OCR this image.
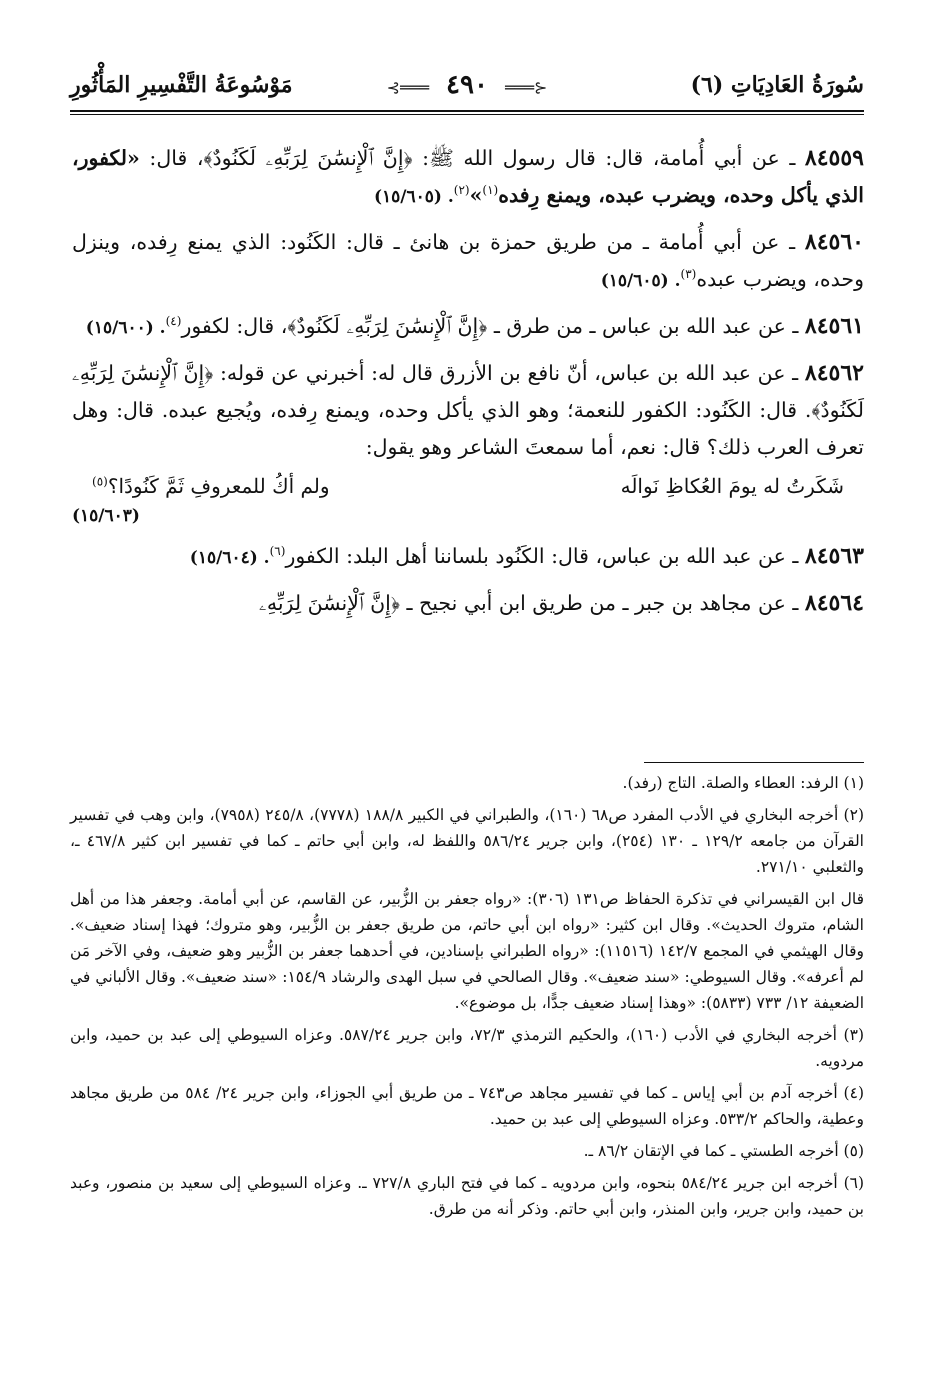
سُورَةُ العَادِيَاتِ (٦)
⊰═══ ٤٩٠ ═══⊱
مَوْسُوعَةُ التَّفْسِيرِ المَأْثُورِ

٨٤٥٥٩ ـ عن أبي أُمامة، قال: قال رسول الله ﷺ: ﴿إِنَّ ٱلْإِنسَٰنَ لِرَبِّهِۦ لَكَنُودٌ﴾، قال: «لكفور، الذي يأكل وحده، ويضرب عبده، ويمنع رِفده$^{(١)}$»$^{(٢)}$. (١٥/٦٠٥)

٨٤٥٦٠ ـ عن أبي أُمامة ـ من طريق حمزة بن هانئ ـ قال: الكَنُود: الذي يمنع رِفده، وينزل وحده، ويضرب عبده$^{(٣)}$. (١٥/٦٠٥)

٨٤٥٦١ ـ عن عبد الله بن عباس ـ من طرق ـ ﴿إِنَّ ٱلْإِنسَٰنَ لِرَبِّهِۦ لَكَنُودٌ﴾، قال: لكفور$^{(٤)}$. (١٥/٦٠٠)

٨٤٥٦٢ ـ عن عبد الله بن عباس، أنّ نافع بن الأزرق قال له: أخبرني عن قوله: ﴿إِنَّ ٱلْإِنسَٰنَ لِرَبِّهِۦ لَكَنُودٌ﴾. قال: الكَنُود: الكفور للنعمة؛ وهو الذي يأكل وحده، ويمنع رِفده، ويُجيع عبده. قال: وهل تعرف العرب ذلك؟ قال: نعم، أما سمعتَ الشاعر وهو يقول:

شَكَرتُ له يومَ العُكاظِ نَوالَه
ولم أكُ للمعروفِ ثَمَّ كَنُودًا؟$^{(٥)}$
(١٥/٦٠٣)

٨٤٥٦٣ ـ عن عبد الله بن عباس، قال: الكَنُود بلساننا أهل البلد: الكفور$^{(٦)}$. (١٥/٦٠٤)

٨٤٥٦٤ ـ عن مجاهد بن جبر ـ من طريق ابن أبي نجيح ـ ﴿إِنَّ ٱلْإِنسَٰنَ لِرَبِّهِۦ

(١) الرفد: العطاء والصلة. التاج (رفد).

(٢) أخرجه البخاري في الأدب المفرد ص٦٨ (١٦٠)، والطبراني في الكبير ١٨٨/٨ (٧٧٧٨)، ٢٤٥/٨ (٧٩٥٨)، وابن وهب في تفسير القرآن من جامعه ١٢٩/٢ ـ ١٣٠ (٢٥٤)، وابن جرير ٥٨٦/٢٤ واللفظ له، وابن أبي حاتم ـ كما في تفسير ابن كثير ٤٦٧/٨ ـ، والثعلبي ٢٧١/١٠.

قال ابن القيسراني في تذكرة الحفاظ ص١٣١ (٣٠٦): «رواه جعفر بن الزُّبير، عن القاسم، عن أبي أمامة. وجعفر هذا من أهل الشام، متروك الحديث». وقال ابن كثير: «رواه ابن أبي حاتم، من طريق جعفر بن الزُّبير، وهو متروك؛ فهذا إسناد ضعيف». وقال الهيثمي في المجمع ١٤٢/٧ (١١٥١٦): «رواه الطبراني بإسنادين، في أحدهما جعفر بن الزُّبير وهو ضعيف، وفي الآخر مَن لم أعرفه». وقال السيوطي: «سند ضعيف». وقال الصالحي في سبل الهدى والرشاد ١٥٤/٩: «سند ضعيف». وقال الألباني في الضعيفة ١٢/ ٧٣٣ (٥٨٣٣): «وهذا إسناد ضعيف جدًّا، بل موضوع».

(٣) أخرجه البخاري في الأدب (١٦٠)، والحكيم الترمذي ٧٢/٣، وابن جرير ٥٨٧/٢٤. وعزاه السيوطي إلى عبد بن حميد، وابن مردويه.

(٤) أخرجه آدم بن أبي إياس ـ كما في تفسير مجاهد ص٧٤٣ ـ من طريق أبي الجوزاء، وابن جرير ٢٤/ ٥٨٤ من طريق مجاهد وعطية، والحاكم ٥٣٣/٢. وعزاه السيوطي إلى عبد بن حميد.

(٥) أخرجه الطستي ـ كما في الإتقان ٨٦/٢ ـ.

(٦) أخرجه ابن جرير ٥٨٤/٢٤ بنحوه، وابن مردويه ـ كما في فتح الباري ٧٢٧/٨ ـ. وعزاه السيوطي إلى سعيد بن منصور، وعبد بن حميد، وابن جرير، وابن المنذر، وابن أبي حاتم. وذكر أنه من طرق.
